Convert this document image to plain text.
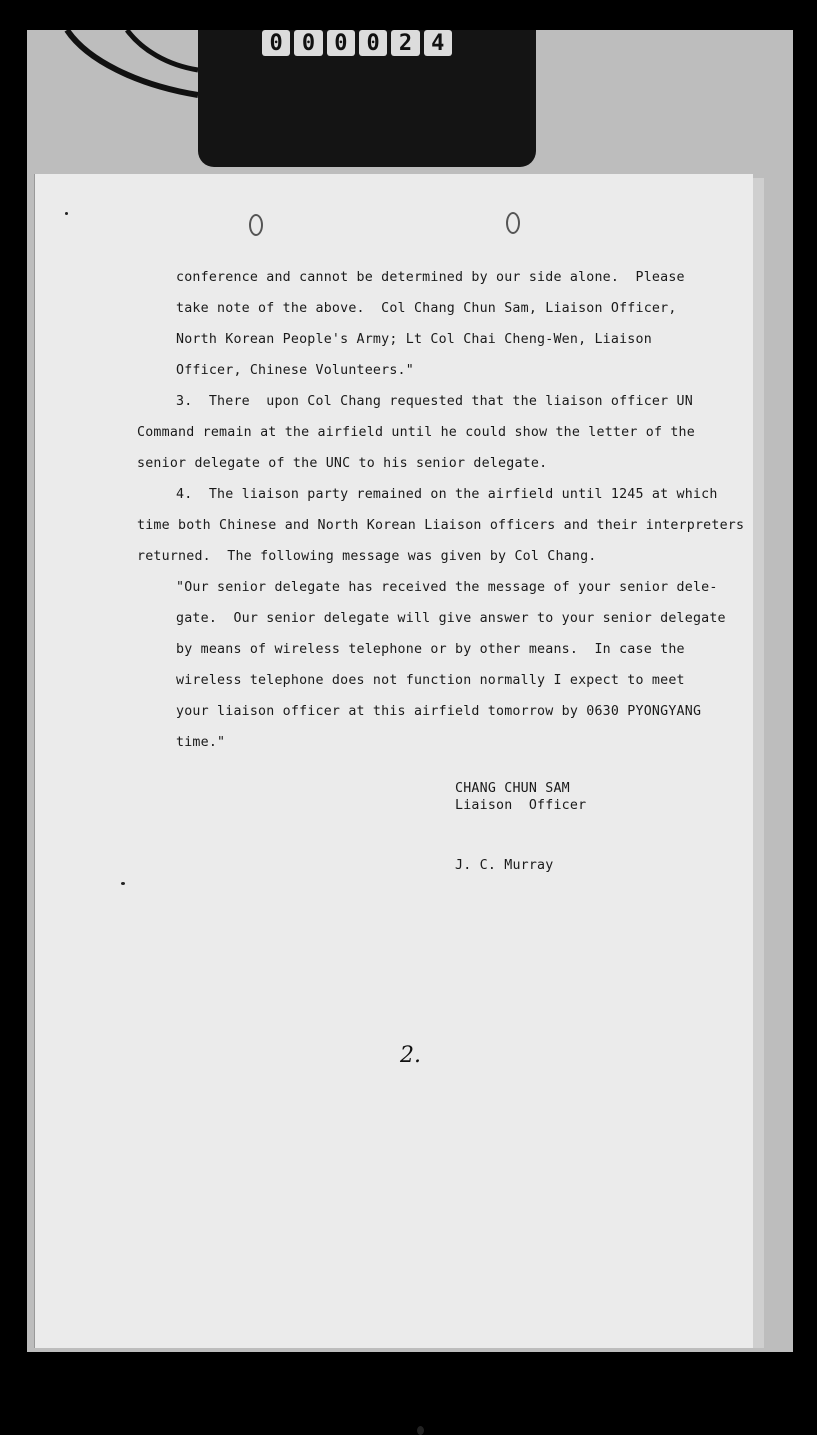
0 0 0 0 2 4
conference and cannot be determined by our side alone.  Please
take note of the above.  Col Chang Chun Sam, Liaison Officer,
North Korean People's Army; Lt Col Chai Cheng-Wen, Liaison
Officer, Chinese Volunteers."
3.  There  upon Col Chang requested that the liaison officer UN
Command remain at the airfield until he could show the letter of the
senior delegate of the UNC to his senior delegate.
4.  The liaison party remained on the airfield until 1245 at which
time both Chinese and North Korean Liaison officers and their interpreters
returned.  The following message was given by Col Chang.
"Our senior delegate has received the message of your senior dele-
gate.  Our senior delegate will give answer to your senior delegate
by means of wireless telephone or by other means.  In case the
wireless telephone does not function normally I expect to meet
your liaison officer at this airfield tomorrow by 0630 PYONGYANG
time."
CHANG CHUN SAM
Liaison  Officer
J. C. Murray
2.
